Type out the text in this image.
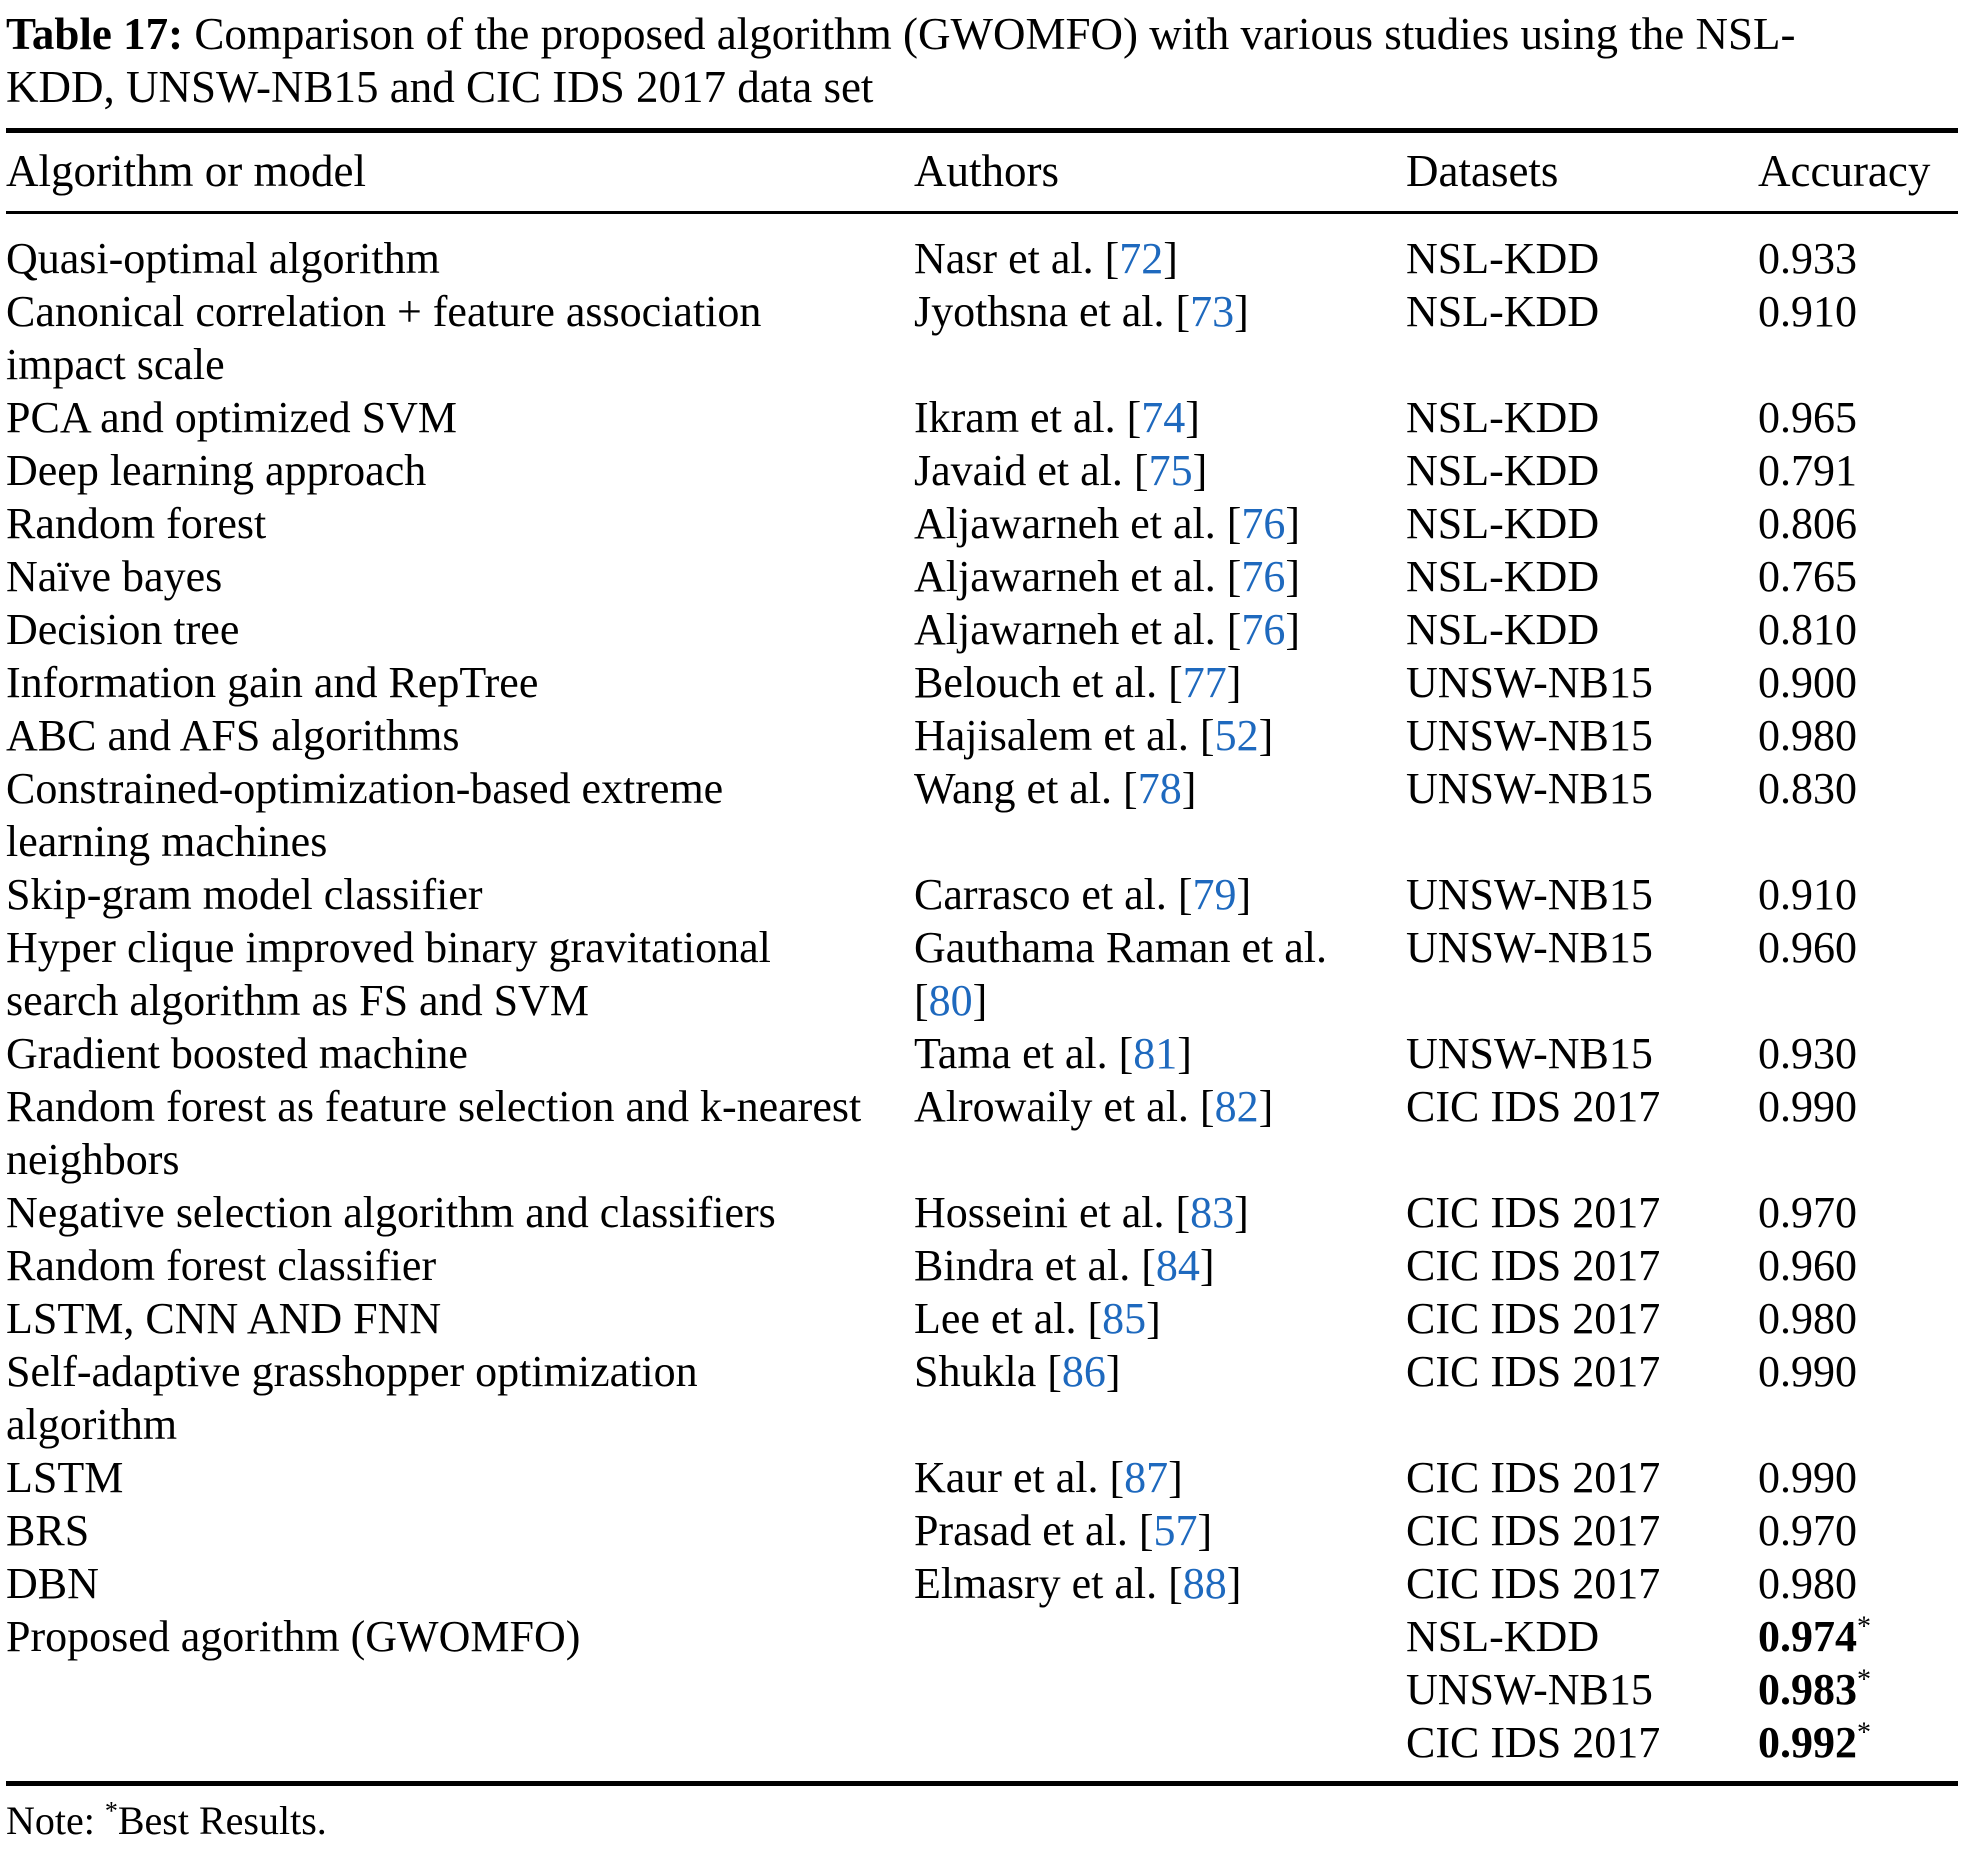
Table 17: Comparison of the proposed algorithm (GWOMFO) with various studies using the NSL-
KDD, UNSW-NB15 and CIC IDS 2017 data set

Algorithm or model	Authors	Datasets	Accuracy
Quasi-optimal algorithm	Nasr et al. [72]	NSL-KDD	0.933
Canonical correlation + feature association impact scale	Jyothsna et al. [73]	NSL-KDD	0.910
PCA and optimized SVM	Ikram et al. [74]	NSL-KDD	0.965
Deep learning approach	Javaid et al. [75]	NSL-KDD	0.791
Random forest	Aljawarneh et al. [76]	NSL-KDD	0.806
Naïve bayes	Aljawarneh et al. [76]	NSL-KDD	0.765
Decision tree	Aljawarneh et al. [76]	NSL-KDD	0.810
Information gain and RepTree	Belouch et al. [77]	UNSW-NB15	0.900
ABC and AFS algorithms	Hajisalem et al. [52]	UNSW-NB15	0.980
Constrained-optimization-based extreme learning machines	Wang et al. [78]	UNSW-NB15	0.830
Skip-gram model classifier	Carrasco et al. [79]	UNSW-NB15	0.910
Hyper clique improved binary gravitational search algorithm as FS and SVM	Gauthama Raman et al. [80]	UNSW-NB15	0.960
Gradient boosted machine	Tama et al. [81]	UNSW-NB15	0.930
Random forest as feature selection and k-nearest neighbors	Alrowaily et al. [82]	CIC IDS 2017	0.990
Negative selection algorithm and classifiers	Hosseini et al. [83]	CIC IDS 2017	0.970
Random forest classifier	Bindra et al. [84]	CIC IDS 2017	0.960
LSTM, CNN AND FNN	Lee et al. [85]	CIC IDS 2017	0.980
Self-adaptive grasshopper optimization algorithm	Shukla [86]	CIC IDS 2017	0.990
LSTM	Kaur et al. [87]	CIC IDS 2017	0.990
BRS	Prasad et al. [57]	CIC IDS 2017	0.970
DBN	Elmasry et al. [88]	CIC IDS 2017	0.980
Proposed agorithm (GWOMFO)		NSL-KDD	0.974*
		UNSW-NB15	0.983*
		CIC IDS 2017	0.992*

Note: *Best Results.
